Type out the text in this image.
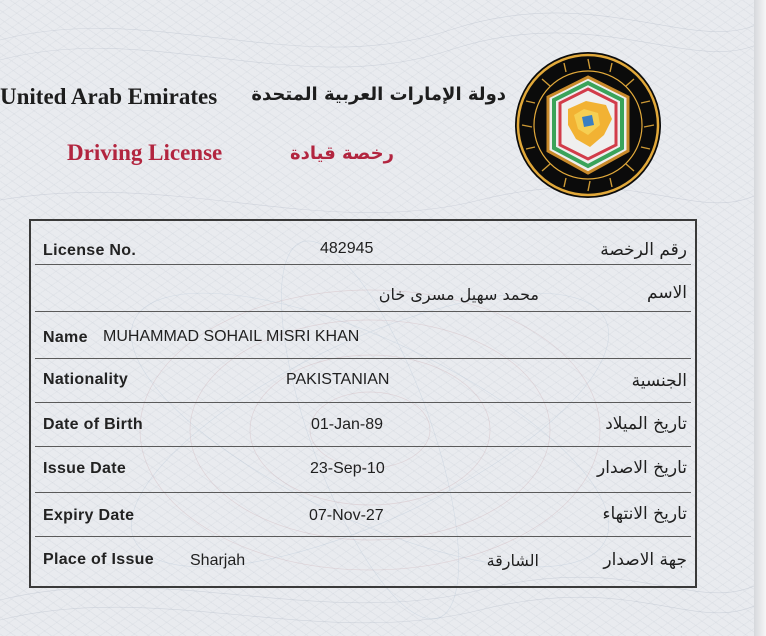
United Arab Emirates دولة الإمارات العربية المتحدة
Driving License	رخصة قيادة
License No.	482945	رقم الرخصة
محمد سهيل مسرى خان	الاسم
Name MUHAMMAD SOHAIL MISRI KHAN
Nationality	PAKISTANIAN	الجنسية
Date of Birth	01-Jan-89	تاريخ الميلاد
Issue Date	23-Sep-10	تاريخ الاصدار
Expiry Date	07-Nov-27	تاريخ الانتهاء
Place of Issue Sharjah	الشارقة	جهة الاصدار
